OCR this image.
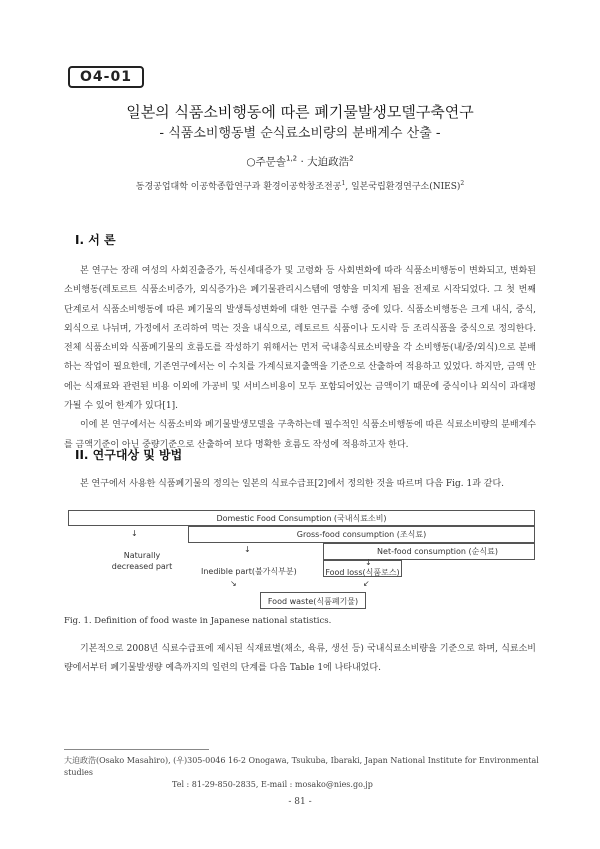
O4-01
일본의 식품소비행동에 따른 폐기물발생모델구축연구
- 식품소비행동별 순식료소비량의 분배계수 산출 -
○주문솔$^{1,2}$ · 大迫政浩$^2$
동경공업대학 이공학종합연구과 환경이공학창조전공$^1$, 일본국립환경연구소(NIES)$^2$
I. 서 론

본 연구는 장래 여성의 사회진출증가, 독신세대증가 및 고령화 등 사회변화에 따라 식품소비행동이 변화되고, 변화된 소비행동(레토르트 식품소비증가, 외식증가)은 폐기물관리시스템에 영향을 미치게 됨을 전제로 시작되었다. 그 첫 번째 단계로서 식품소비행동에 따른 폐기물의 발생특성변화에 대한 연구를 수행 중에 있다. 식품소비행동은 크게 내식, 중식, 외식으로 나뉘며, 가정에서 조리하여 먹는 것을 내식으로, 레토르트 식품이나 도시락 등 조리식품을 중식으로 정의한다. 전체 식품소비와 식품폐기물의 흐름도를 작성하기 위해서는 먼저 국내총식료소비량을 각 소비행동(내/중/외식)으로 분배하는 작업이 필요한데, 기존연구에서는 이 수치를 가계식료지출액을 기준으로 산출하여 적용하고 있었다. 하지만, 금액 안에는 식재료와 관련된 비용 이외에 가공비 및 서비스비용이 모두 포함되어있는 금액이기 때문에 중식이나 외식이 과대평가될 수 있어 한계가 있다[1].

이에 본 연구에서는 식품소비와 폐기물발생모델을 구축하는데 필수적인 식품소비행동에 따른 식료소비량의 분배계수를 금액기준이 아닌 중량기준으로 산출하여 보다 명확한 흐름도 작성에 적용하고자 한다.

II. 연구대상 및 방법

본 연구에서 사용한 식품폐기물의 정의는 일본의 식료수급표[2]에서 정의한 것을 따르며 다음 Fig. 1과 같다.

Domestic Food Consumption (국내식료소비)
↓
Naturally decreased part
Gross-food consumption (조식료)
↓
Inedible part(불가식부분)
Net-food consumption (순식료)
↓
Food loss(식품로스)
↘	↙
Food waste(식품폐기물)
Fig. 1. Definition of food waste in Japanese national statistics.

기본적으로 2008년 식료수급표에 제시된 식재료별(채소, 육류, 생선 등) 국내식료소비량을 기준으로 하며, 식료소비량에서부터 폐기물발생량 예측까지의 일련의 단계를 다음 Table 1에 나타내었다.

大迫政浩(Osako Masahiro), (우)305-0046 16-2 Onogawa, Tsukuba, Ibaraki, Japan National Institute for Environmental studies
Tel : 81-29-850-2835, E-mail : mosako@nies.go.jp
- 81 -
